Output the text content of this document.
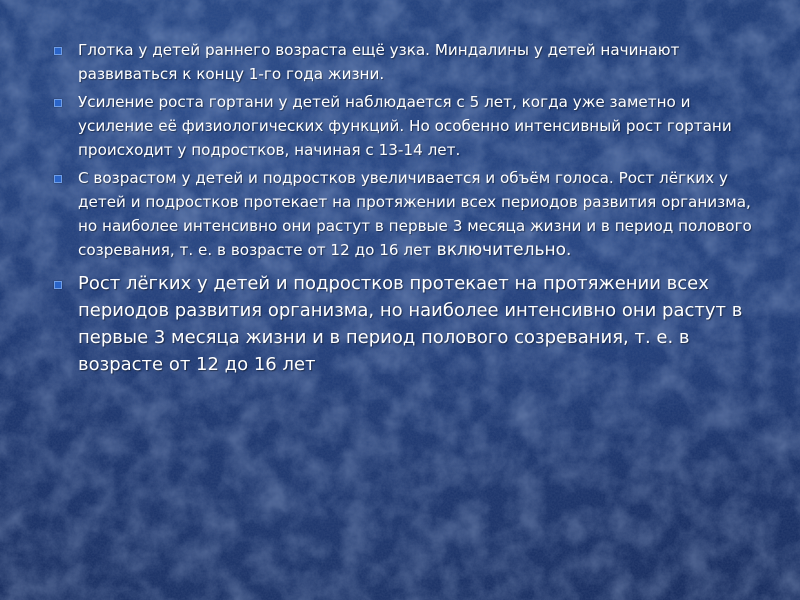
Глотка у детей раннего возраста ещё узка. Миндалины у детей начинают развиваться к концу 1-го года жизни.
Усиление роста гортани у детей наблюдается с 5 лет, когда уже заметно и усиление её физиологических функций. Но особенно интенсивный рост гортани происходит у подростков, начиная с 13-14 лет.
С возрастом у детей и подростков увеличивается и объём голоса. Рост лёгких у детей и подростков протекает на протяжении всех периодов развития организма, но наиболее интенсивно они растут в первые 3 месяца жизни и в период полового созревания, т. е. в возрасте от 12 до 16 лет включительно.
Рост лёгких у детей и подростков протекает на протяжении всех периодов развития организма, но наиболее интенсивно они растут в первые 3 месяца жизни и в период полового созревания, т. е. в возрасте от 12 до 16 лет
